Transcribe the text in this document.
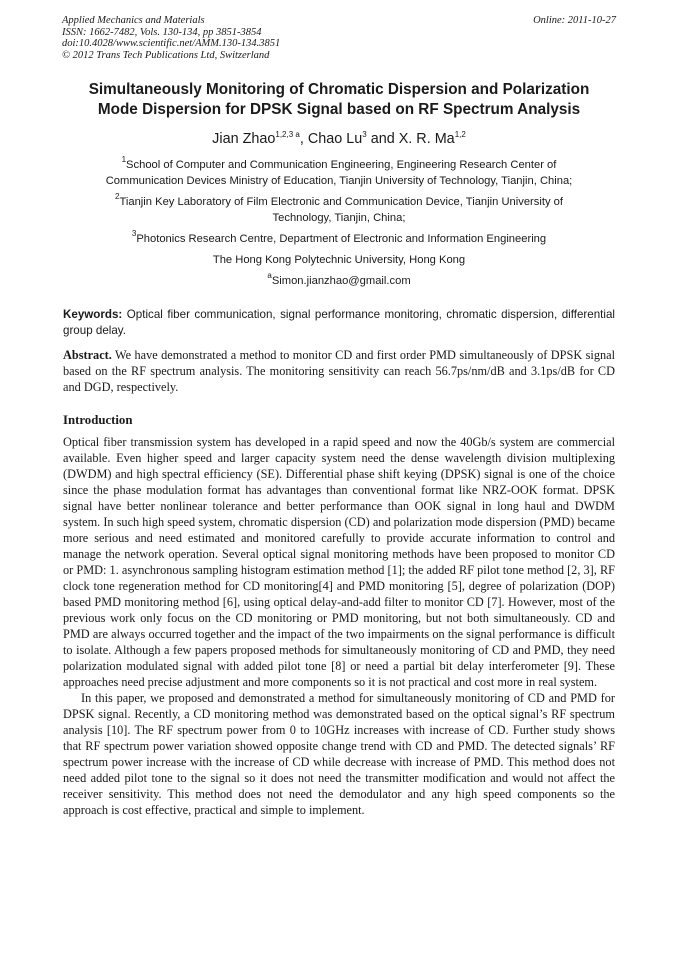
Applied Mechanics and Materials
ISSN: 1662-7482, Vols. 130-134, pp 3851-3854
doi:10.4028/www.scientific.net/AMM.130-134.3851
© 2012 Trans Tech Publications Ltd, Switzerland
Online: 2011-10-27
Simultaneously Monitoring of Chromatic Dispersion and Polarization
Mode Dispersion for DPSK Signal based on RF Spectrum Analysis
Jian Zhao$^{1,2,3 a}$, Chao Lu$^3$ and X. R. Ma$^{1,2}$
$^1$School of Computer and Communication Engineering, Engineering Research Center of
Communication Devices Ministry of Education, Tianjin University of Technology, Tianjin, China;
$^2$Tianjin Key Laboratory of Film Electronic and Communication Device, Tianjin University of
Technology, Tianjin, China;
$^3$Photonics Research Centre, Department of Electronic and Information Engineering
The Hong Kong Polytechnic University, Hong Kong
$^a$Simon.jianzhao@gmail.com
Keywords: Optical fiber communication, signal performance monitoring, chromatic dispersion, differential group delay.
Abstract. We have demonstrated a method to monitor CD and first order PMD simultaneously of DPSK signal based on the RF spectrum analysis. The monitoring sensitivity can reach 56.7ps/nm/dB and 3.1ps/dB for CD and DGD, respectively.
Introduction
Optical fiber transmission system has developed in a rapid speed and now the 40Gb/s system are commercial available. Even higher speed and larger capacity system need the dense wavelength division multiplexing (DWDM) and high spectral efficiency (SE). Differential phase shift keying (DPSK) signal is one of the choice since the phase modulation format has advantages than conventional format like NRZ-OOK format. DPSK signal have better nonlinear tolerance and better performance than OOK signal in long haul and DWDM system. In such high speed system, chromatic dispersion (CD) and polarization mode dispersion (PMD) became more serious and need estimated and monitored carefully to provide accurate information to control and manage the network operation. Several optical signal monitoring methods have been proposed to monitor CD or PMD: 1. asynchronous sampling histogram estimation method [1]; the added RF pilot tone method [2, 3], RF clock tone regeneration method for CD monitoring[4] and PMD monitoring [5], degree of polarization (DOP) based PMD monitoring method [6], using optical delay-and-add filter to monitor CD [7]. However, most of the previous work only focus on the CD monitoring or PMD monitoring, but not both simultaneously. CD and PMD are always occurred together and the impact of the two impairments on the signal performance is difficult to isolate. Although a few papers proposed methods for simultaneously monitoring of CD and PMD, they need polarization modulated signal with added pilot tone [8] or need a partial bit delay interferometer [9]. These approaches need precise adjustment and more components so it is not practical and cost more in real system.
In this paper, we proposed and demonstrated a method for simultaneously monitoring of CD and PMD for DPSK signal. Recently, a CD monitoring method was demonstrated based on the optical signal’s RF spectrum analysis [10]. The RF spectrum power from 0 to 10GHz increases with increase of CD. Further study shows that RF spectrum power variation showed opposite change trend with CD and PMD. The detected signals’ RF spectrum power increase with the increase of CD while decrease with increase of PMD. This method does not need added pilot tone to the signal so it does not need the transmitter modification and would not affect the receiver sensitivity. This method does not need the demodulator and any high speed components so the approach is cost effective, practical and simple to implement.
